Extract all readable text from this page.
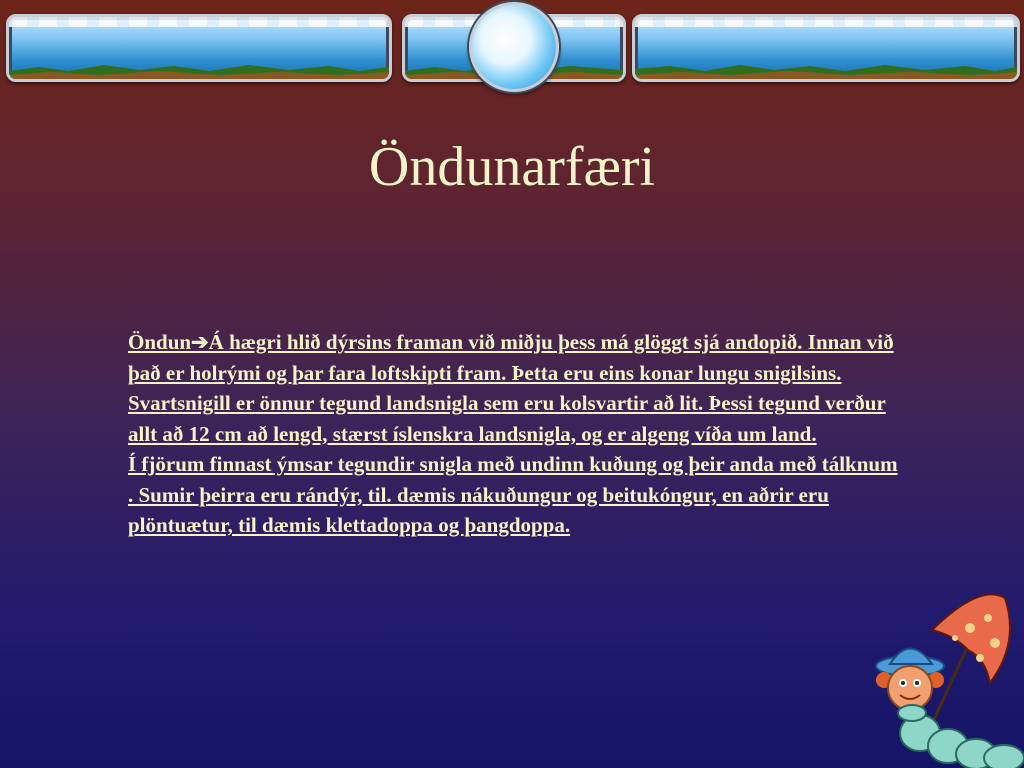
Öndunarfæri

Öndun➔Á hægri hlið dýrsins framan við miðju þess má glöggt sjá andopið. Innan við það er holrými og þar fara loftskipti fram. Þetta eru eins konar lungu snigilsins.

Svartsnigill er önnur tegund landsnigla sem eru kolsvartir að lit. Þessi tegund verður allt að 12 cm að lengd, stærst íslenskra landsnigla, og er algeng víða um land.

Í fjörum finnast ýmsar tegundir snigla með undinn kuðung og þeir anda með tálknum . Sumir þeirra eru rándýr, til. dæmis nákuðungur og beitukóngur, en aðrir eru plöntuætur, til dæmis klettadoppa og þangdoppa.
